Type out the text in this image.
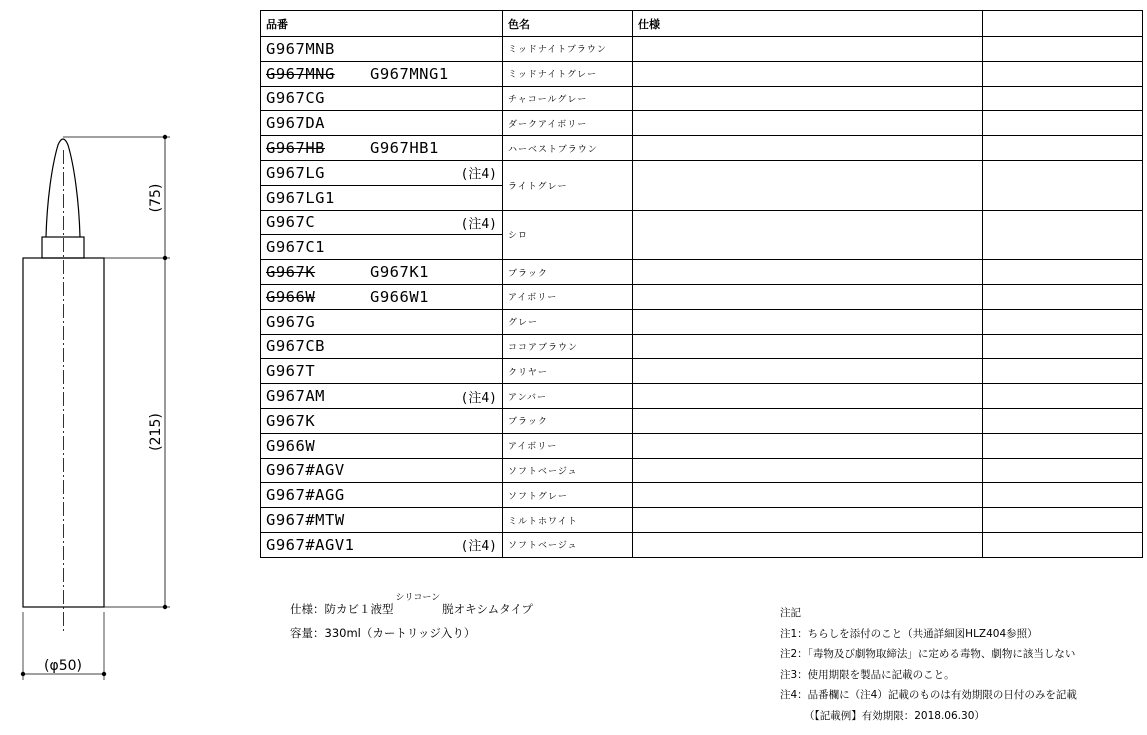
(75)
(215)
(φ50)
品番	色名	仕様	

G967MNB	ミッドナイトブラウン		

G967MNG G967MNG1	ミッドナイトグレー		

G967CG	チャコールグレー		

G967DA	ダークアイボリー		

G967HB G967HB1	ハーベストブラウン		

G967LG (注4)	ライトグレー		

G967LG1			

G967C (注4)	シロ		

G967C1			

G967K G967K1	ブラック		

G966W G966W1	アイボリー		

G967G	グレー		

G967CB	ココアブラウン		

G967T	クリヤー		

G967AM (注4)	アンバー		

G967K	ブラック		

G966W	アイボリー		

G967#AGV	ソフトベージュ		

G967#AGG	ソフトグレー		

G967#MTW	ミルトホワイト		

G967#AGV1 (注4)	ソフトベージュ		
仕様：防カビ１液型$^{シリコーン}$脱オキシムタイプ
容量：330ml（カートリッジ入り）
注記
注1：ちらしを添付のこと（共通詳細図HLZ404参照）
注2：「毒物及び劇物取締法」に定める毒物、劇物に該当しない
注3：使用期限を製品に記載のこと。
注4：品番欄に（注4）記載のものは有効期限の日付のみを記載
（【記載例】有効期限：2018.06.30）
